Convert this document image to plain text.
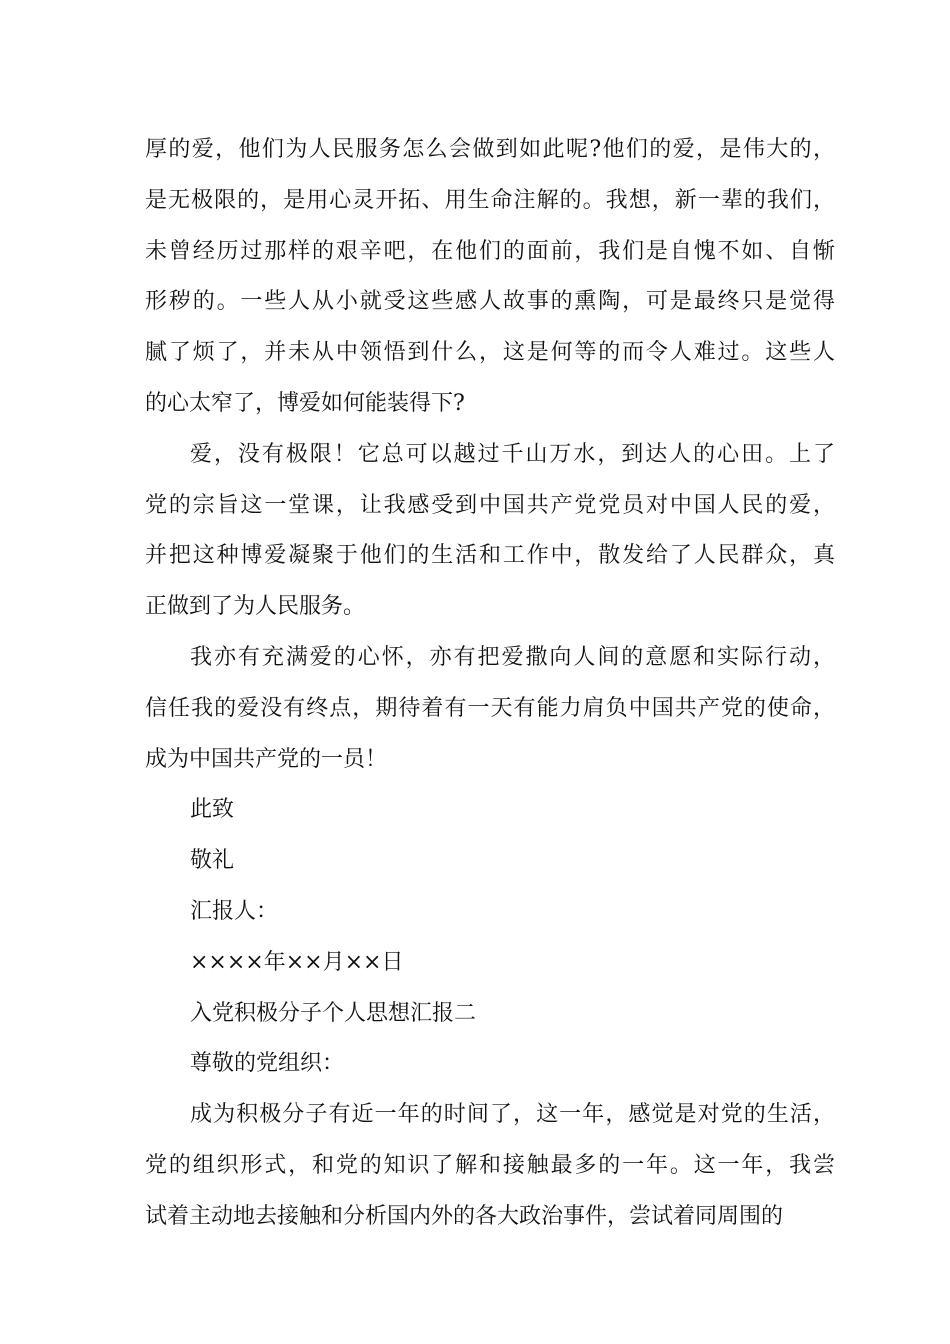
厚的爱，他们为人民服务怎么会做到如此呢?他们的爱，是伟大的，
是无极限的，是用心灵开拓、用生命注解的。我想，新一辈的我们，
未曾经历过那样的艰辛吧，在他们的面前，我们是自愧不如、自惭
形秽的。一些人从小就受这些感人故事的熏陶，可是最终只是觉得
腻了烦了，并未从中领悟到什么，这是何等的而令人难过。这些人
的心太窄了，博爱如何能装得下?
爱，没有极限！它总可以越过千山万水，到达人的心田。上了
党的宗旨这一堂课，让我感受到中国共产党党员对中国人民的爱，
并把这种博爱凝聚于他们的生活和工作中，散发给了人民群众，真
正做到了为人民服务。
我亦有充满爱的心怀，亦有把爱撒向人间的意愿和实际行动，
信任我的爱没有终点，期待着有一天有能力肩负中国共产党的使命，
成为中国共产党的一员！
此致
敬礼
汇报人：
××××年××月××日
入党积极分子个人思想汇报二
尊敬的党组织：
成为积极分子有近一年的时间了，这一年，感觉是对党的生活，
党的组织形式，和党的知识了解和接触最多的一年。这一年，我尝
试着主动地去接触和分析国内外的各大政治事件，尝试着同周围的
